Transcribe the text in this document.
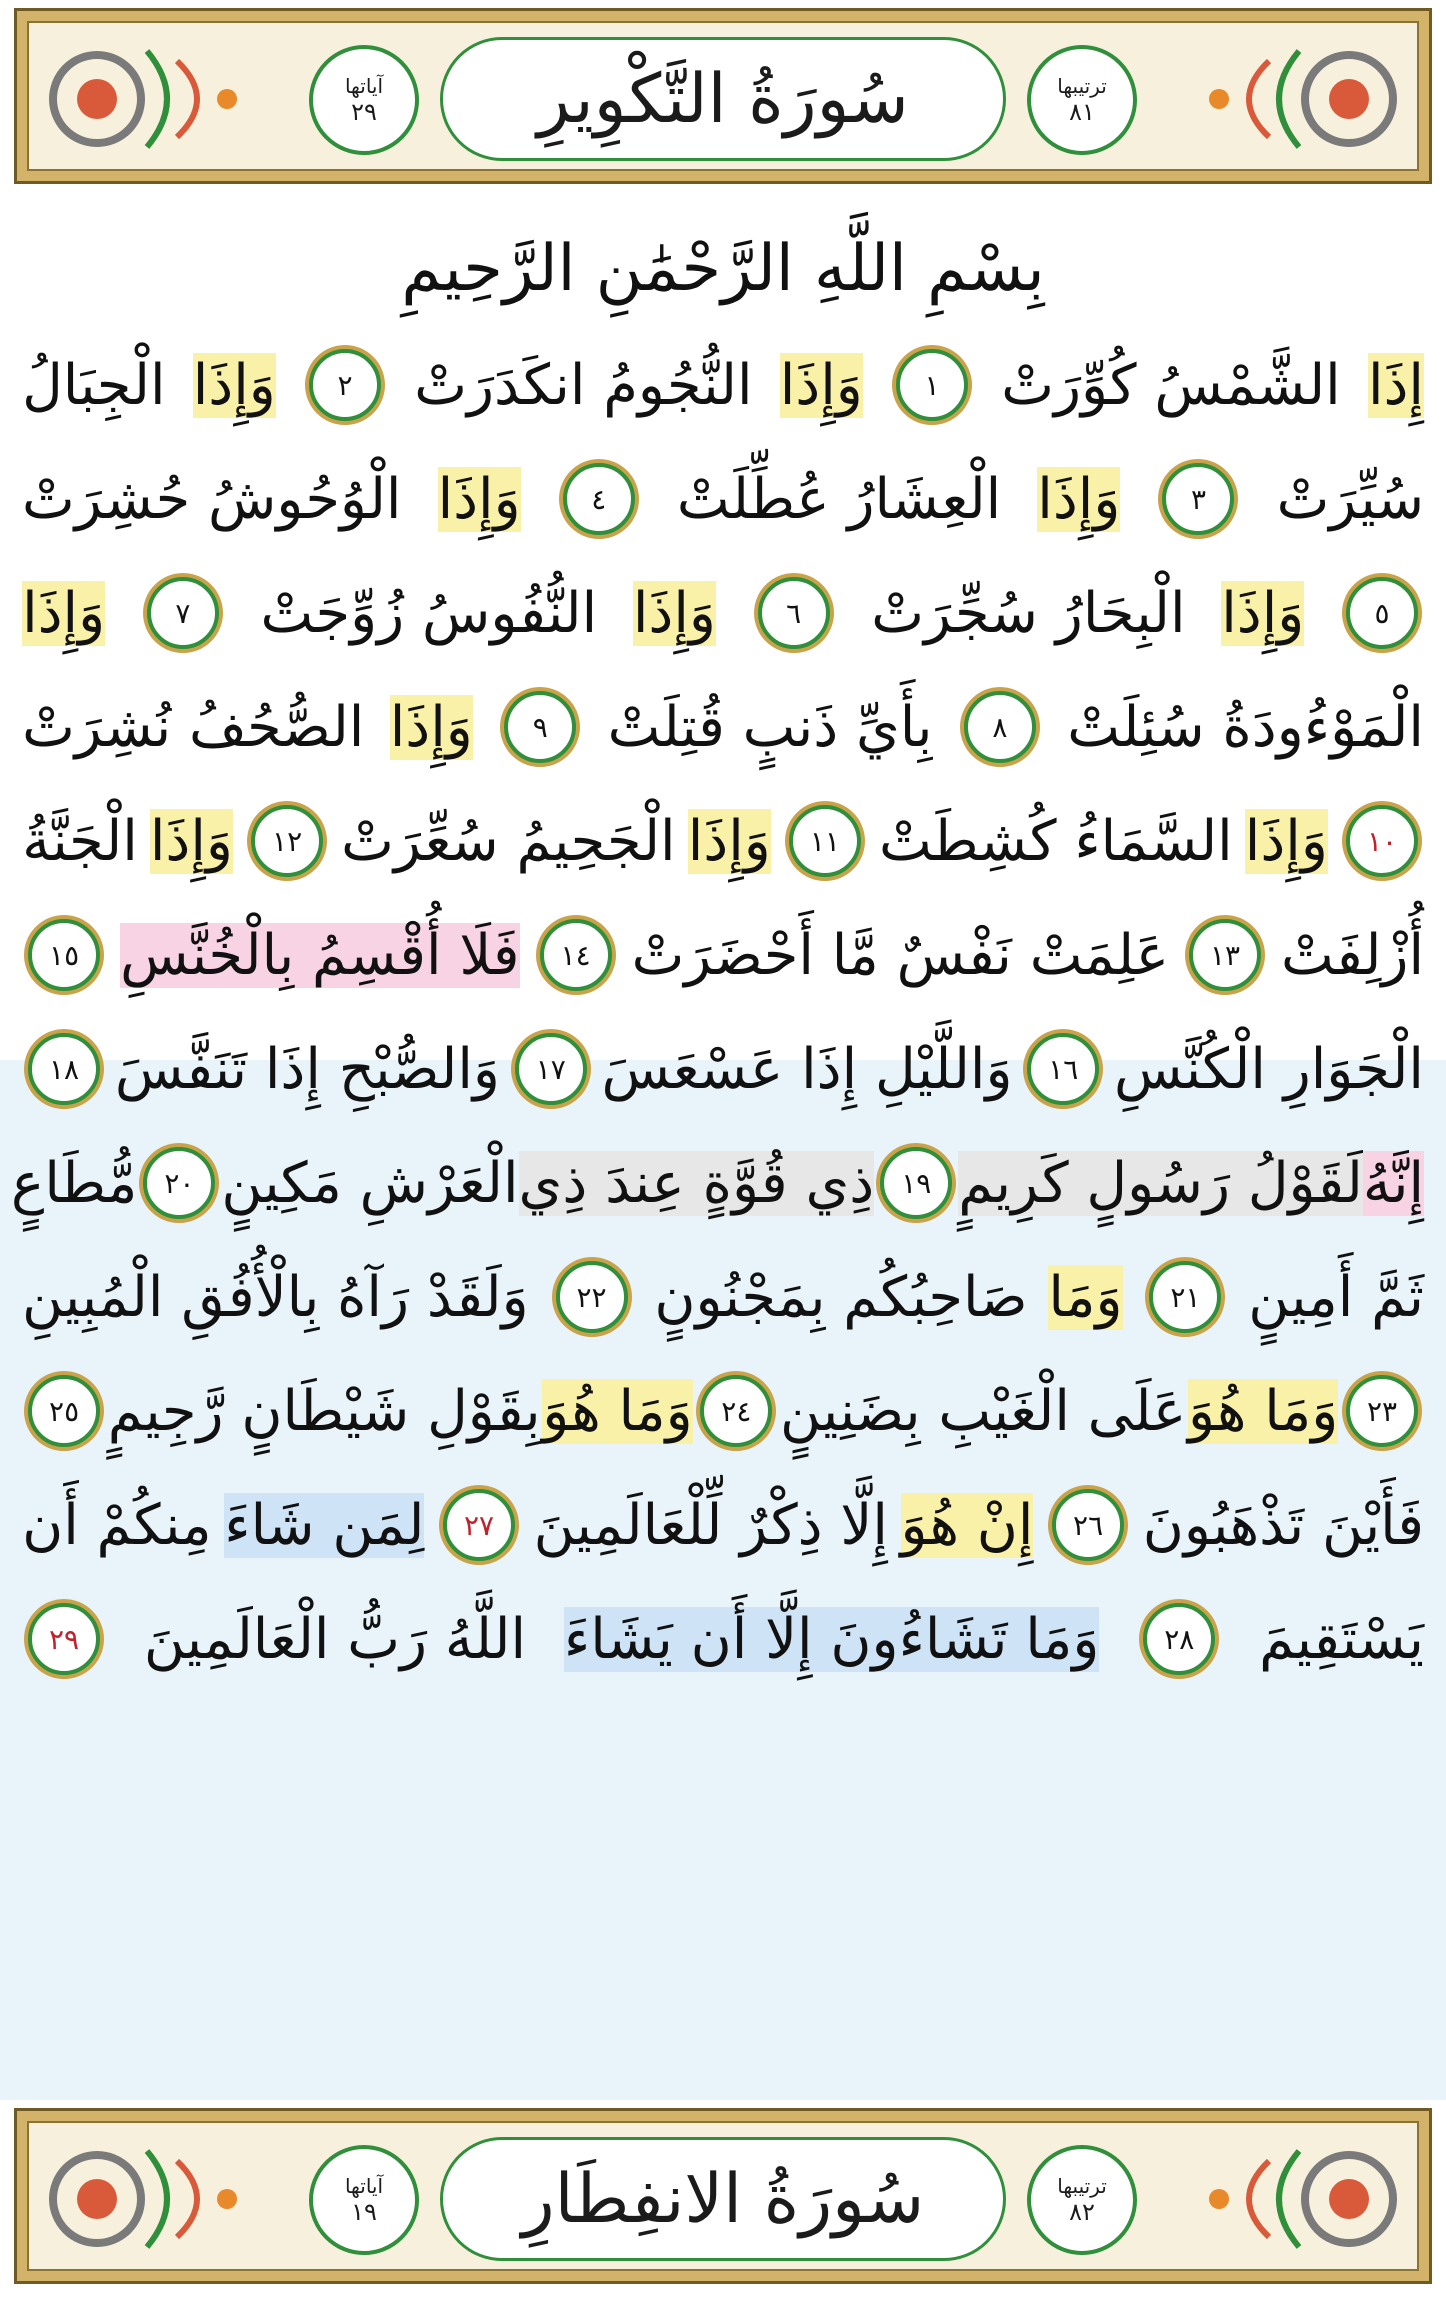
ترتيبها
٨١
سُورَةُ التَّكْوِيرِ
آياتها
٢٩
بِسْمِ اللَّهِ الرَّحْمَٰنِ الرَّحِيمِ
إِذَا
الشَّمْسُ كُوِّرَتْ
١
وَإِذَا
النُّجُومُ انكَدَرَتْ
٢
وَإِذَا
الْجِبَالُ
سُيِّرَتْ
٣
وَإِذَا
الْعِشَارُ عُطِّلَتْ
٤
وَإِذَا
الْوُحُوشُ حُشِرَتْ
٥
وَإِذَا
الْبِحَارُ سُجِّرَتْ
٦
وَإِذَا
النُّفُوسُ زُوِّجَتْ
٧
وَإِذَا
الْمَوْءُودَةُ سُئِلَتْ
٨
بِأَيِّ ذَنبٍ قُتِلَتْ
٩
وَإِذَا
الصُّحُفُ نُشِرَتْ
١٠
وَإِذَا
السَّمَاءُ كُشِطَتْ
١١
وَإِذَا
الْجَحِيمُ سُعِّرَتْ
١٢
وَإِذَا
الْجَنَّةُ
أُزْلِفَتْ
١٣
عَلِمَتْ نَفْسٌ مَّا أَحْضَرَتْ
١٤
فَلَا أُقْسِمُ بِالْخُنَّسِ
١٥
الْجَوَارِ الْكُنَّسِ
١٦
وَاللَّيْلِ إِذَا عَسْعَسَ
١٧
وَالصُّبْحِ إِذَا تَنَفَّسَ
١٨
إِنَّهُ
لَقَوْلُ رَسُولٍ كَرِيمٍ
١٩
ذِي قُوَّةٍ عِندَ ذِي
الْعَرْشِ مَكِينٍ
٢٠
مُّطَاعٍ
ثَمَّ أَمِينٍ
٢١
وَمَا
صَاحِبُكُم بِمَجْنُونٍ
٢٢
وَلَقَدْ رَآهُ بِالْأُفُقِ الْمُبِينِ
٢٣
وَمَا هُوَ
عَلَى الْغَيْبِ بِضَنِينٍ
٢٤
وَمَا هُوَ
بِقَوْلِ شَيْطَانٍ رَّجِيمٍ
٢٥
فَأَيْنَ تَذْهَبُونَ
٢٦
إِنْ هُوَ
إِلَّا ذِكْرٌ لِّلْعَالَمِينَ
٢٧
لِمَن شَاءَ
مِنكُمْ أَن
يَسْتَقِيمَ
٢٨
وَمَا تَشَاءُونَ إِلَّا أَن يَشَاءَ
اللَّهُ رَبُّ الْعَالَمِينَ
٢٩
ترتيبها
٨٢
سُورَةُ الانفِطَارِ
آياتها
١٩
